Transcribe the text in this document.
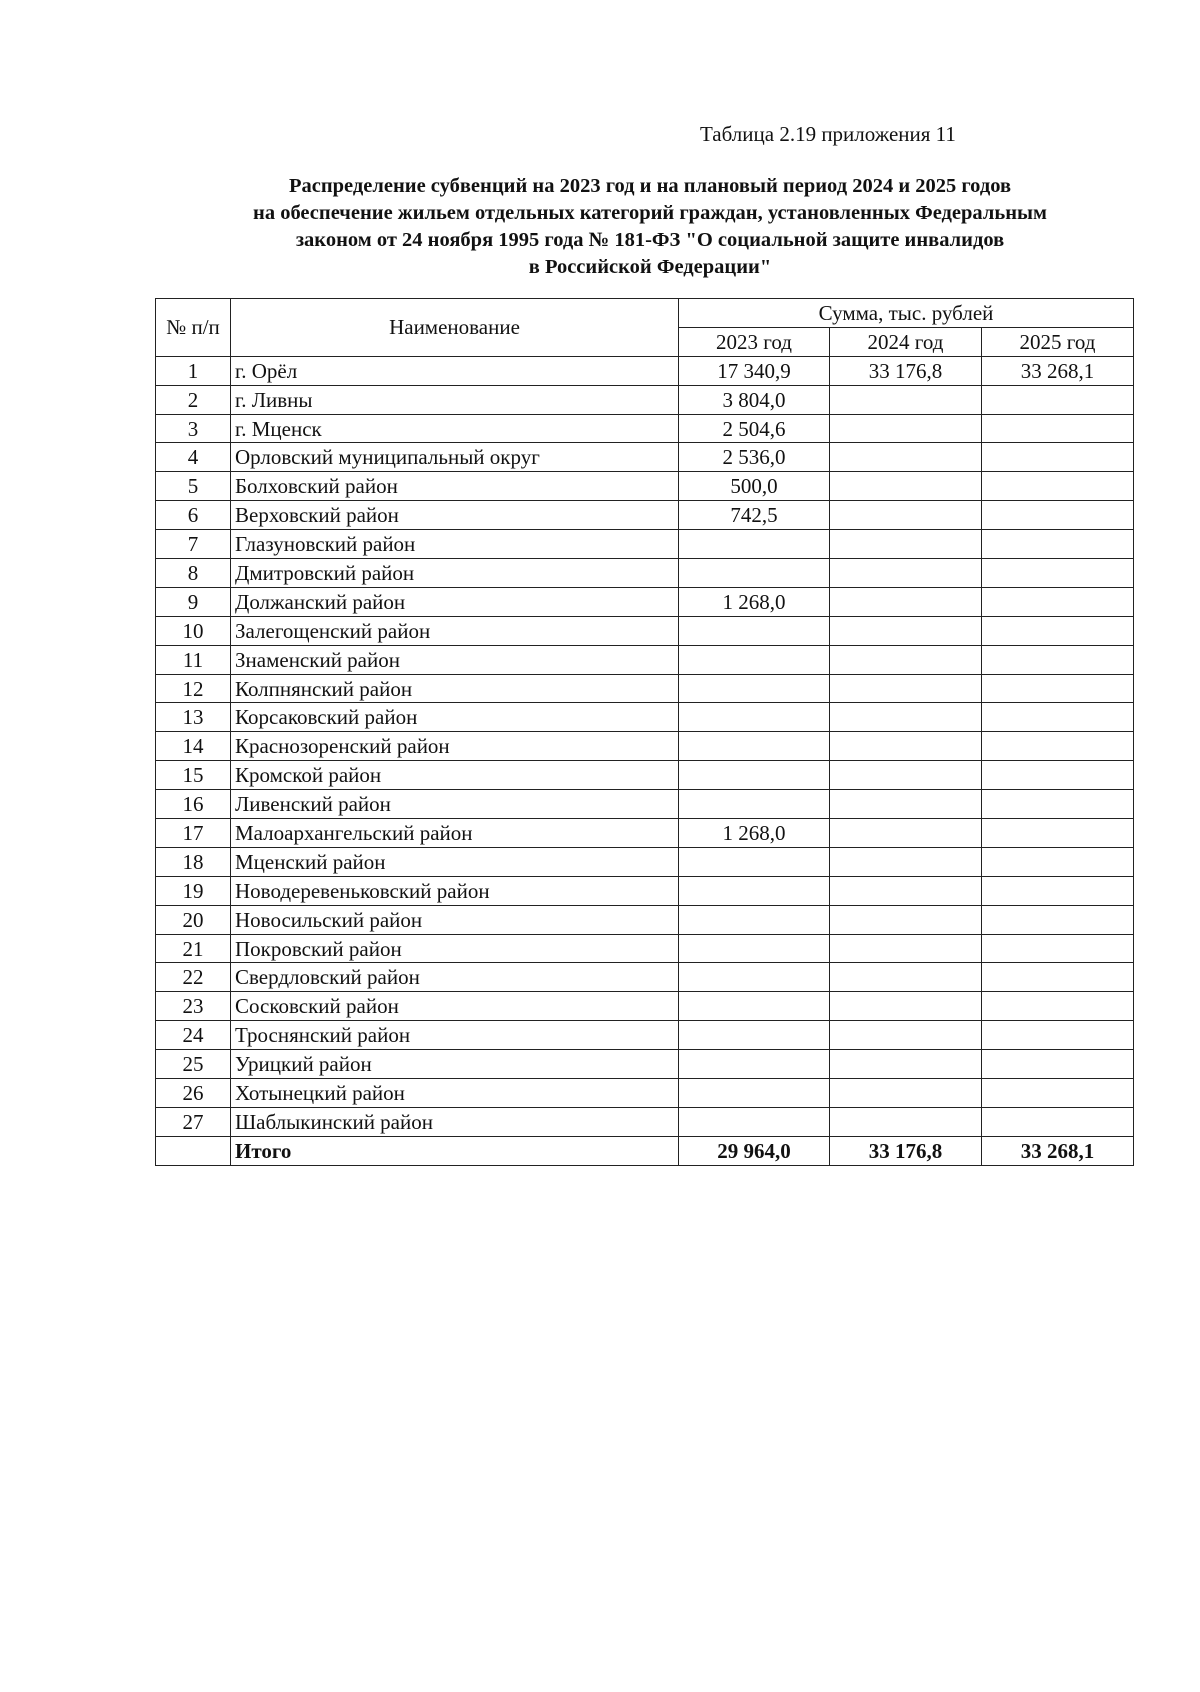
Таблица 2.19 приложения 11
Распределение субвенций на 2023 год и на плановый период 2024 и 2025 годов
на обеспечение жильем отдельных категорий граждан, установленных Федеральным
законом от 24 ноября 1995 года № 181-ФЗ "О социальной защите инвалидов
в Российской Федерации"
№ п/п	Наименование	Сумма, тыс. рублей		
		2023 год	2024 год	2025 год
1	г. Орёл	17 340,9	33 176,8	33 268,1
2	г. Ливны	3 804,0		
3	г. Мценск	2 504,6		
4	Орловский муниципальный округ	2 536,0		
5	Болховский район	500,0		
6	Верховский район	742,5		
7	Глазуновский район			
8	Дмитровский район			
9	Должанский район	1 268,0		
10	Залегощенский район			
11	Знаменский район			
12	Колпнянский район			
13	Корсаковский район			
14	Краснозоренский район			
15	Кромской район			
16	Ливенский район			
17	Малоархангельский район	1 268,0		
18	Мценский район			
19	Новодеревеньковский район			
20	Новосильский район			
21	Покровский район			
22	Свердловский район			
23	Сосковский район			
24	Троснянский район			
25	Урицкий район			
26	Хотынецкий район			
27	Шаблыкинский район			
	Итого	29 964,0	33 176,8	33 268,1
